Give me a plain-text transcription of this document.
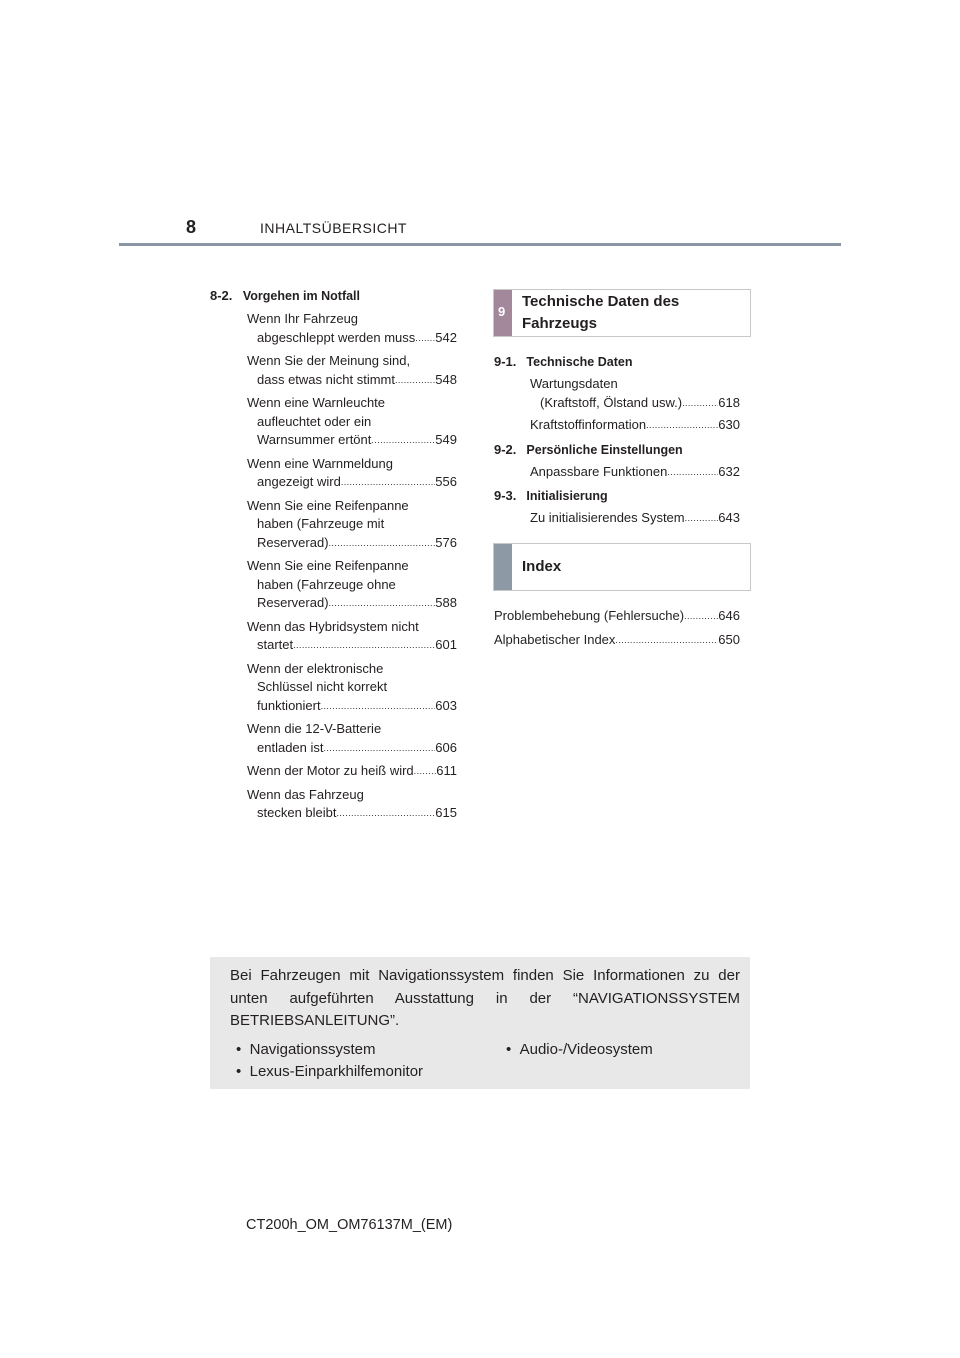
8	INHALTSÜBERSICHT
8-2. Vorgehen im Notfall
Wenn Ihr Fahrzeug
abgeschleppt werden muss ..... 542
Wenn Sie der Meinung sind,
dass etwas nicht stimmt .....	548
Wenn eine Warnleuchte
aufleuchtet oder ein
Warnsummer ertönt .....	549
Wenn eine Warnmeldung
angezeigt wird .....	556
Wenn Sie eine Reifenpanne
haben (Fahrzeuge mit
Reserverad) .....	576
Wenn Sie eine Reifenpanne
haben (Fahrzeuge ohne
Reserverad) .....	588
Wenn das Hybridsystem nicht
startet .....	601
Wenn der elektronische
Schlüssel nicht korrekt
funktioniert .....	603
Wenn die 12-V-Batterie
entladen ist .....	606
Wenn der Motor zu heiß wird ..... 611
Wenn das Fahrzeug
stecken bleibt .....	615
9
Technische Daten des
Fahrzeugs
9-1. Technische Daten
Wartungsdaten
(Kraftstoff, Ölstand usw.) .....	618
Kraftstoffinformation .....	630
9-2. Persönliche Einstellungen
Anpassbare Funktionen .....	632
9-3. Initialisierung
Zu initialisierendes System .....	643
Index
Problembehebung (Fehlersuche) .....	646
Alphabetischer Index .....	650
Bei Fahrzeugen mit Navigationssystem finden Sie Informationen zu der unten aufgeführten Ausstattung in der “NAVIGATIONSSYSTEM BETRIEBSANLEITUNG”.
• Navigationssystem
• Lexus-Einparkhilfemonitor
• Audio-/Videosystem
CT200h_OM_OM76137M_(EM)
